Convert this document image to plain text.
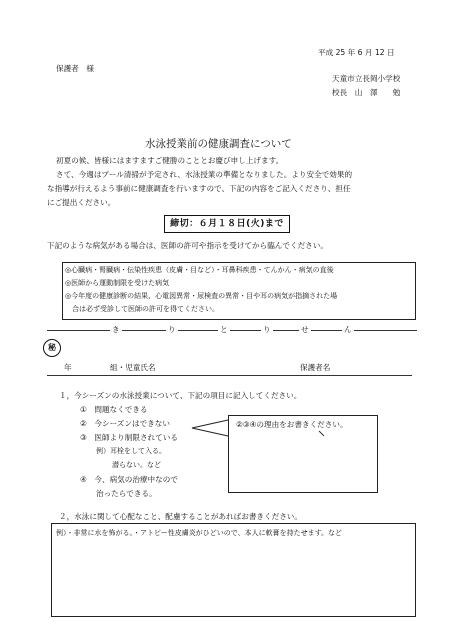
平成 25 年 6 月 12 日
保護者　様
天童市立長岡小学校
校長　山　澤　　勉
水泳授業前の健康調査について
初夏の候、皆様にはますますご健勝のこととお慶び申し上げます。
さて、今週はプール清掃が予定され、水泳授業の準備となりました。より安全で効果的
な指導が行えるよう事前に健康調査を行いますので、下記の内容をご記入くださり、担任
にご提出ください。
締切：６月１８日(火)まで
下記のような病気がある場合は、医師の許可や指示を受けてから臨んでください。
◎心臓病・腎臓病・伝染性疾患（皮膚・目など）・耳鼻科疾患・てんかん・病気の直後
◎医師から運動制限を受けた病気
◎今年度の健康診断の結果、心電図異常・尿検査の異常・目や耳の病気が指摘された場
　合は必ず受診して医師の許可を得てください。
き	り	と	り	せ	ん
秘
年	組・児童氏名	保護者名
１，今シーズンの水泳授業について、下記の項目に記入してください。
①　問題なくできる
②　今シーズンはできない
③　医師より制限されている
例）耳栓をして入る。
潜らない。など
④　今、病気の治療中なので
治ったらできる。
②③④の理由をお書きください。
２，水泳に関して心配なこと、配慮することがあればお書きください。
例）・非常に水を怖がる。・アトピー性皮膚炎がひどいので、本人に軟膏を持たせます。など
